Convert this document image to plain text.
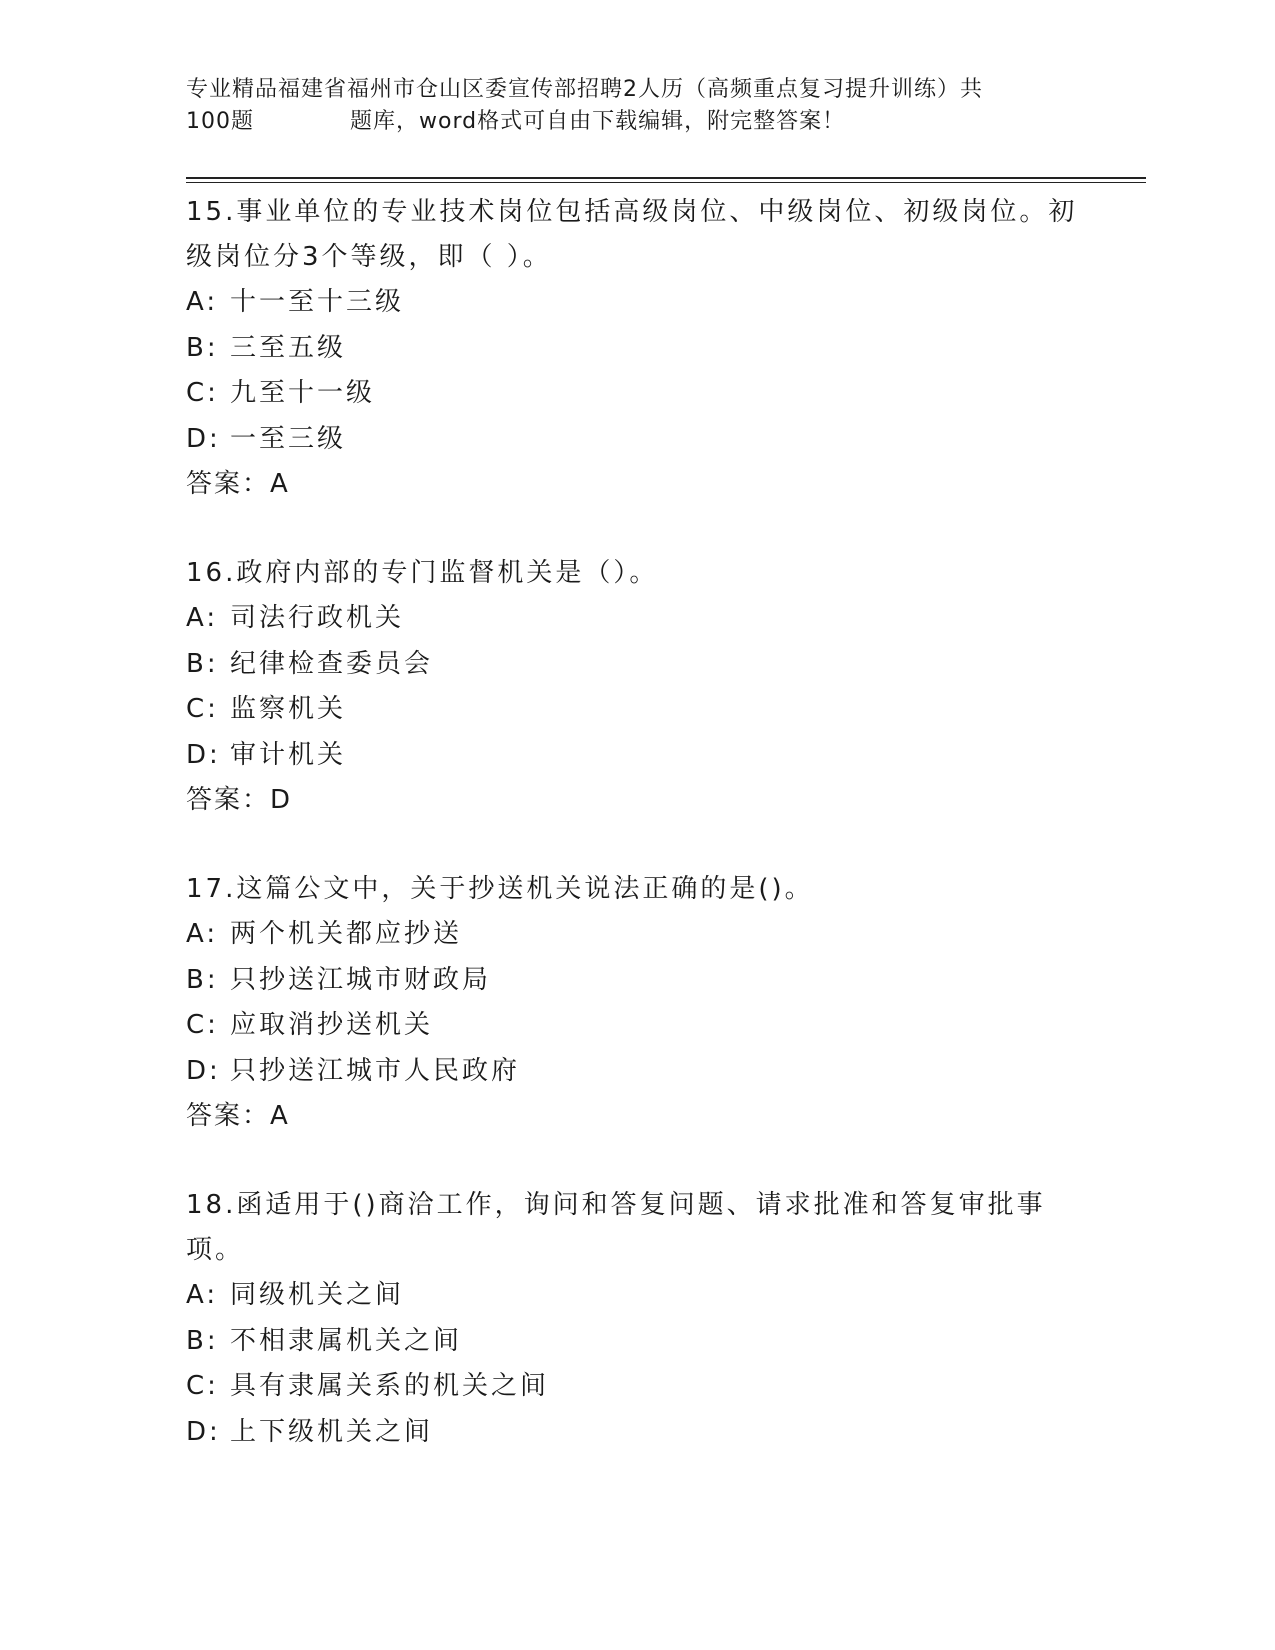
专业精品福建省福州市仓山区委宣传部招聘2人历（高频重点复习提升训练）共
100题	题库，word格式可自由下载编辑，附完整答案！
15.事业单位的专业技术岗位包括高级岗位、中级岗位、初级岗位。初级岗位分3个等级，即（ ）。
A: 十一至十三级
B: 三至五级
C: 九至十一级
D: 一至三级
答案：A
16.政府内部的专门监督机关是（）。
A: 司法行政机关
B: 纪律检查委员会
C: 监察机关
D: 审计机关
答案：D
17.这篇公文中，关于抄送机关说法正确的是()。
A: 两个机关都应抄送
B: 只抄送江城市财政局
C: 应取消抄送机关
D: 只抄送江城市人民政府
答案：A
18.函适用于()商洽工作，询问和答复问题、请求批准和答复审批事项。
A: 同级机关之间
B: 不相隶属机关之间
C: 具有隶属关系的机关之间
D: 上下级机关之间
